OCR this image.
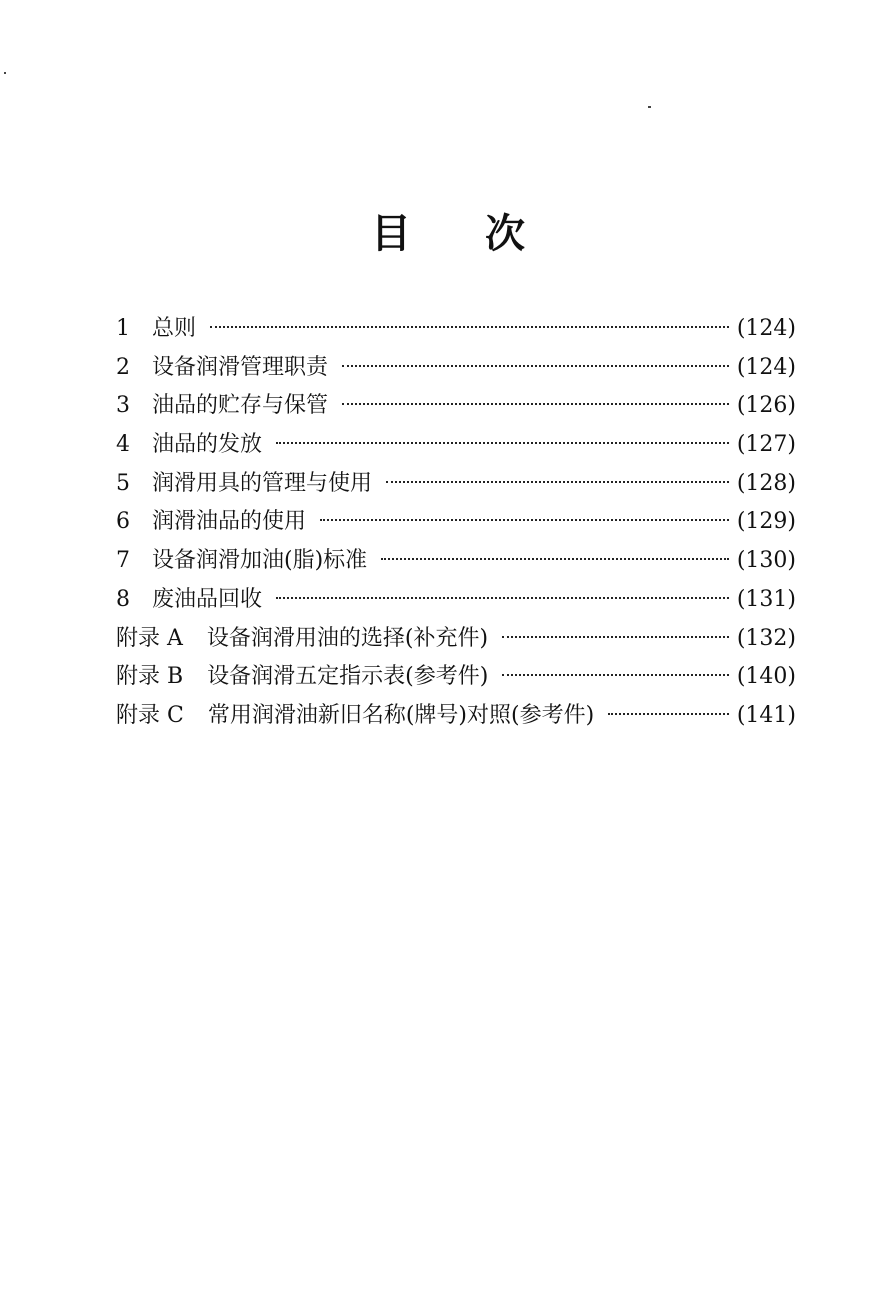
目 次
1	总则	(124)
2	设备润滑管理职责	(124)
3	油品的贮存与保管	(126)
4	油品的发放	(127)
5	润滑用具的管理与使用	(128)
6	润滑油品的使用	(129)
7	设备润滑加油(脂)标准	(130)
8	废油品回收	(131)
附录 A 设备润滑用油的选择(补充件)	(132)
附录 B 设备润滑五定指示表(参考件)	(140)
附录 C 常用润滑油新旧名称(牌号)对照(参考件)	(141)
